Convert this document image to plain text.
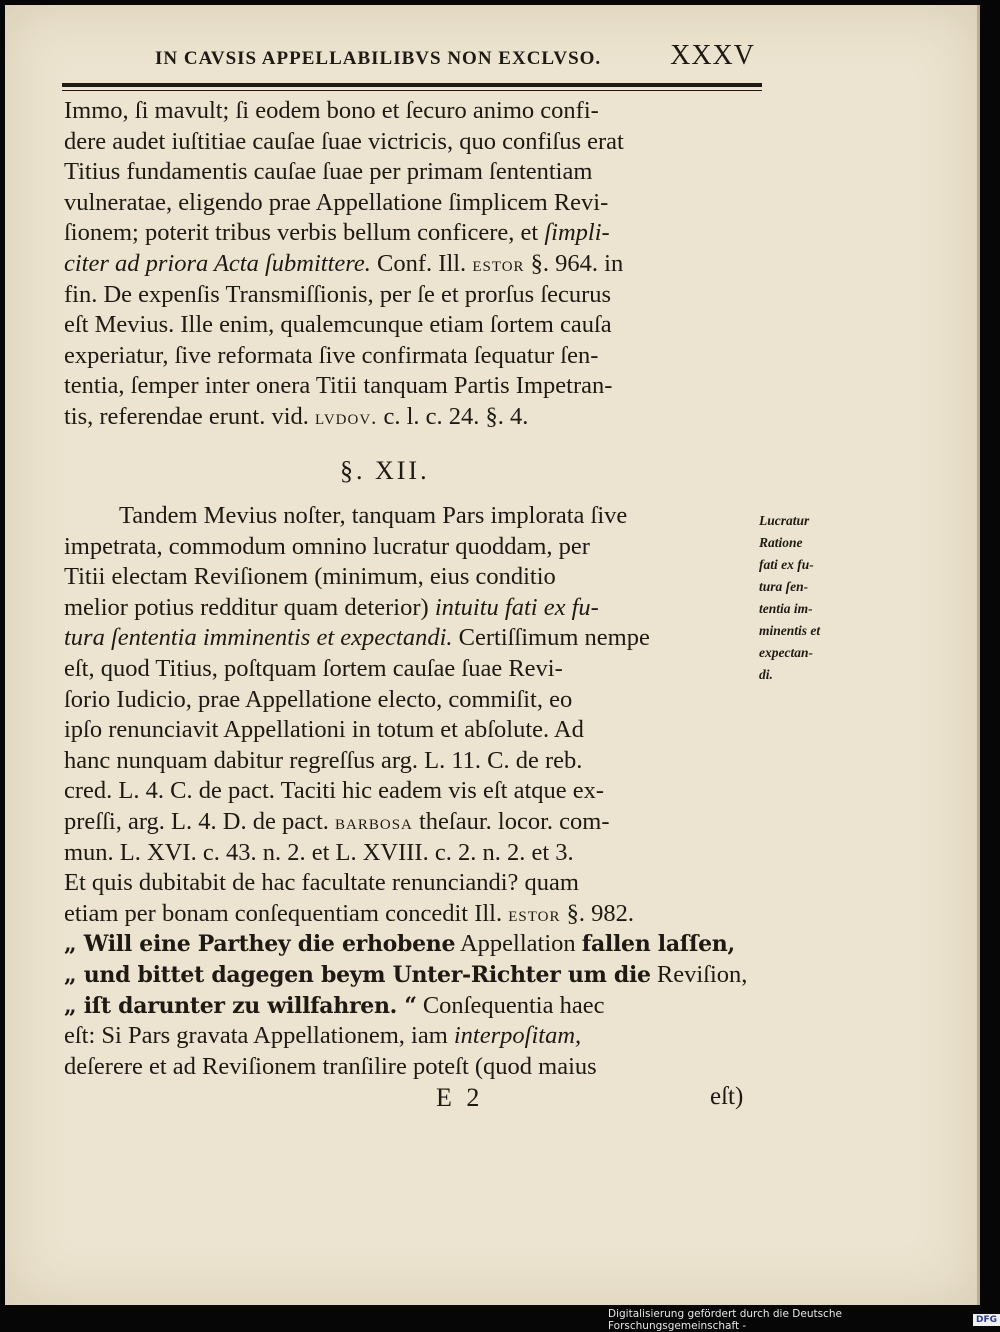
IN CAVSIS APPELLABILIBVS NON EXCLVSO. XXXV

Immo, ſi mavult; ſi eodem bono et ſecuro animo confi-

dere audet iuſtitiae cauſae ſuae victricis, quo confiſus erat

Titius fundamentis cauſae ſuae per primam ſententiam

vulneratae, eligendo prae Appellatione ſimplicem Revi-

ſionem; poterit tribus verbis bellum conficere, et ſimpli-

citer ad priora Acta ſubmittere. Conf. Ill. estor §. 964. in

fin. De expenſis Transmiſſionis, per ſe et prorſus ſecurus

eſt Mevius. Ille enim, qualemcunque etiam ſortem cauſa

experiatur, ſive reformata ſive confirmata ſequatur ſen-

tentia, ſemper inter onera Titii tanquam Partis Impetran-

tis, referendae erunt. vid. lvdov. c. l. c. 24. §. 4.

§. XII.

Tandem Mevius noſter, tanquam Pars implorata ſive

impetrata, commodum omnino lucratur quoddam, per

Titii electam Reviſionem (minimum, eius conditio

melior potius redditur quam deterior) intuitu fati ex fu-

tura ſententia imminentis et expectandi. Certiſſimum nempe

eſt, quod Titius, poſtquam ſortem cauſae ſuae Revi-

ſorio Iudicio, prae Appellatione electo, commiſit, eo

ipſo renunciavit Appellationi in totum et abſolute. Ad

hanc nunquam dabitur regreſſus arg. L. 11. C. de reb.

cred. L. 4. C. de pact. Taciti hic eadem vis eſt atque ex-

preſſi, arg. L. 4. D. de pact. barbosa theſaur. locor. com-

mun. L. XVI. c. 43. n. 2. et L. XVIII. c. 2. n. 2. et 3.

Et quis dubitabit de hac facultate renunciandi? quam

etiam per bonam conſequentiam concedit Ill. estor §. 982.

„ Will eine Parthey die erhobene Appellation fallen laſſen,

„ und bittet dagegen beym Unter-Richter um die Reviſion,

„ iſt darunter zu willfahren. “ Conſequentia haec

eſt: Si Pars gravata Appellationem, iam interpoſitam,

deſerere et ad Reviſionem tranſilire poteſt (quod maius

Lucratur
Ratione
fati ex fu-
tura ſen-
tentia im-
minentis et
expectan-
di.
E 2	eſt)
Digitalisierung gefördert durch die Deutsche Forschungsgemeinschaft -	DFG
